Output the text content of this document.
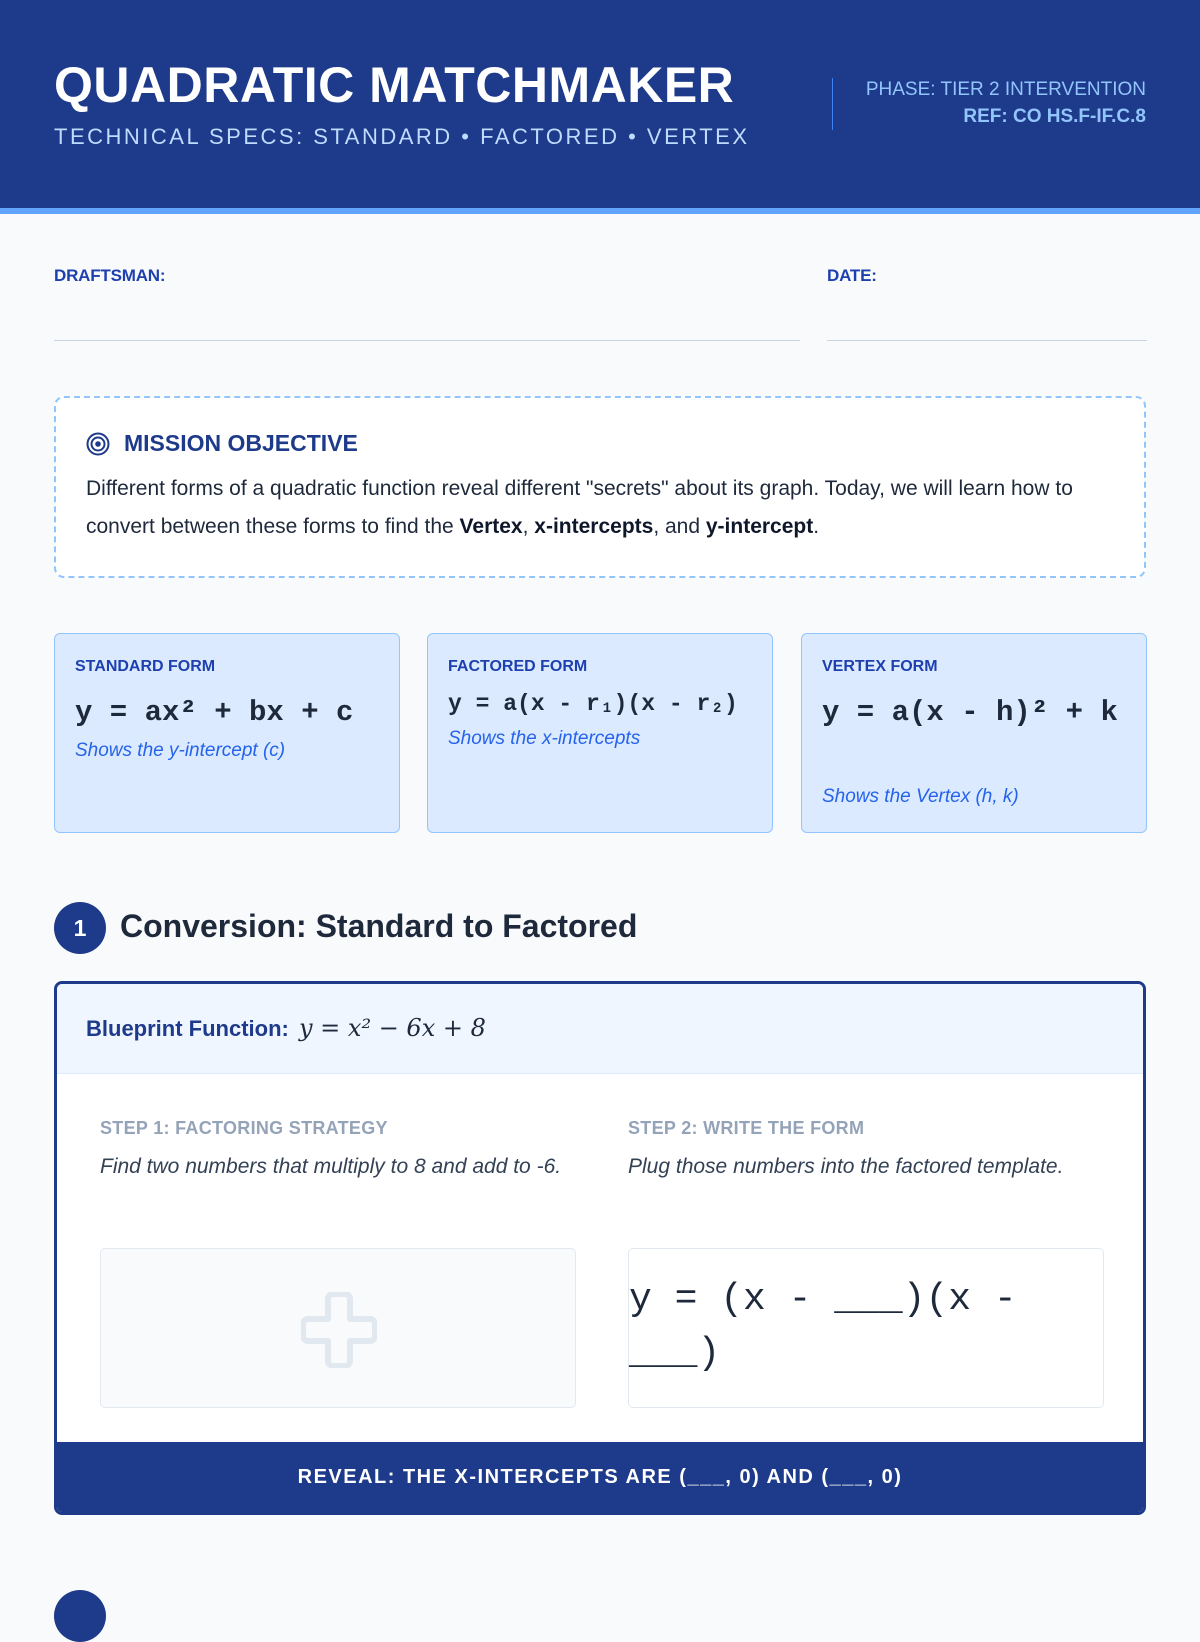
QUADRATIC MATCHMAKER
TECHNICAL SPECS: STANDARD • FACTORED • VERTEX
PHASE: TIER 2 INTERVENTION
REF: CO HS.F-IF.C.8
DRAFTSMAN:	DATE:
MISSION OBJECTIVE
Different forms of a quadratic function reveal different "secrets" about its graph. Today, we will learn how to convert between these forms to find the Vertex, x-intercepts, and y-intercept.
STANDARD FORM
y = ax² + bx + c
Shows the y-intercept (c)
FACTORED FORM
y = a(x - r₁)(x - r₂)
Shows the x-intercepts
VERTEX FORM
y = a(x - h)² + k
Shows the Vertex (h, k)
1	Conversion: Standard to Factored
Blueprint Function: y = x² − 6x + 8
STEP 1: FACTORING STRATEGY
Find two numbers that multiply to 8 and add to -6.
STEP 2: WRITE THE FORM
Plug those numbers into the factored template.
y = (x - ___)(x - ___)
REVEAL: THE X-INTERCEPTS ARE (___, 0) AND (___, 0)
